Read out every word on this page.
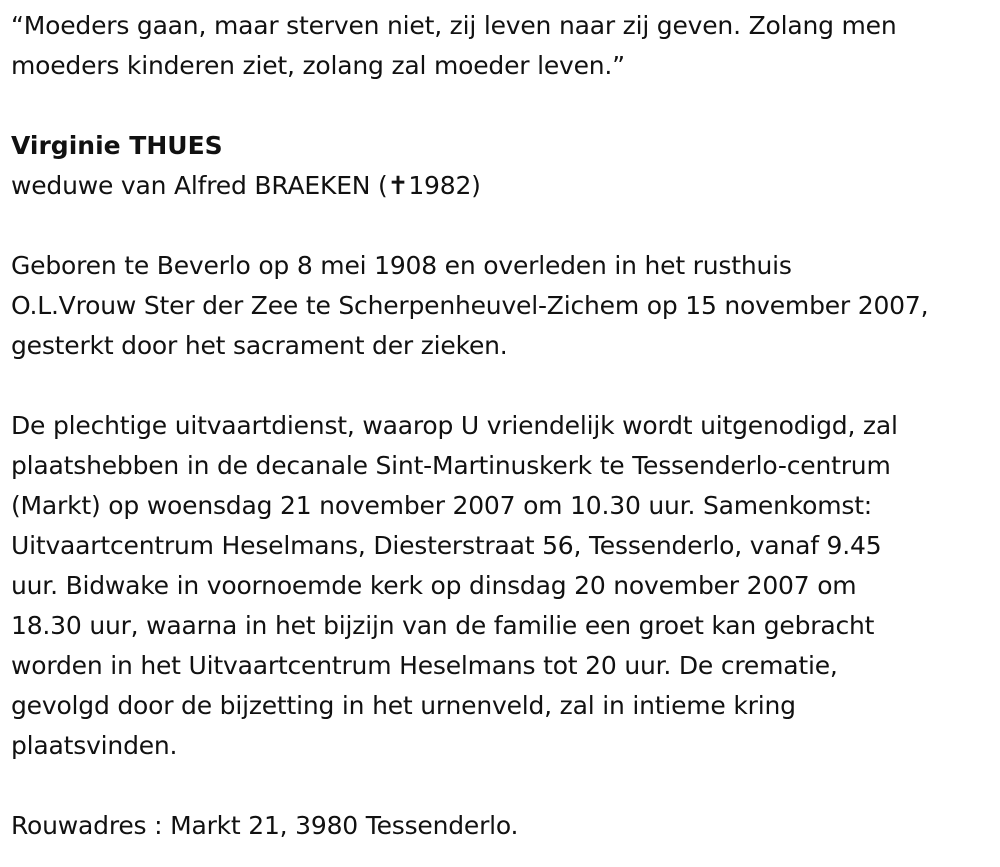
“Moeders gaan, maar sterven niet, zij leven naar zij geven. Zolang men
moeders kinderen ziet, zolang zal moeder leven.”

Virginie THUES

weduwe van Alfred BRAEKEN (✝1982)

Geboren te Beverlo op 8 mei 1908 en overleden in het rusthuis
O.L.Vrouw Ster der Zee te Scherpenheuvel-Zichem op 15 november 2007,
gesterkt door het sacrament der zieken.

De plechtige uitvaartdienst, waarop U vriendelijk wordt uitgenodigd, zal
plaatshebben in de decanale Sint-Martinuskerk te Tessenderlo-centrum
(Markt) op woensdag 21 november 2007 om 10.30 uur. Samenkomst:
Uitvaartcentrum Heselmans, Diesterstraat 56, Tessenderlo, vanaf 9.45
uur. Bidwake in voornoemde kerk op dinsdag 20 november 2007 om
18.30 uur, waarna in het bijzijn van de familie een groet kan gebracht
worden in het Uitvaartcentrum Heselmans tot 20 uur. De crematie,
gevolgd door de bijzetting in het urnenveld, zal in intieme kring
plaatsvinden.

Rouwadres : Markt 21, 3980 Tessenderlo.
